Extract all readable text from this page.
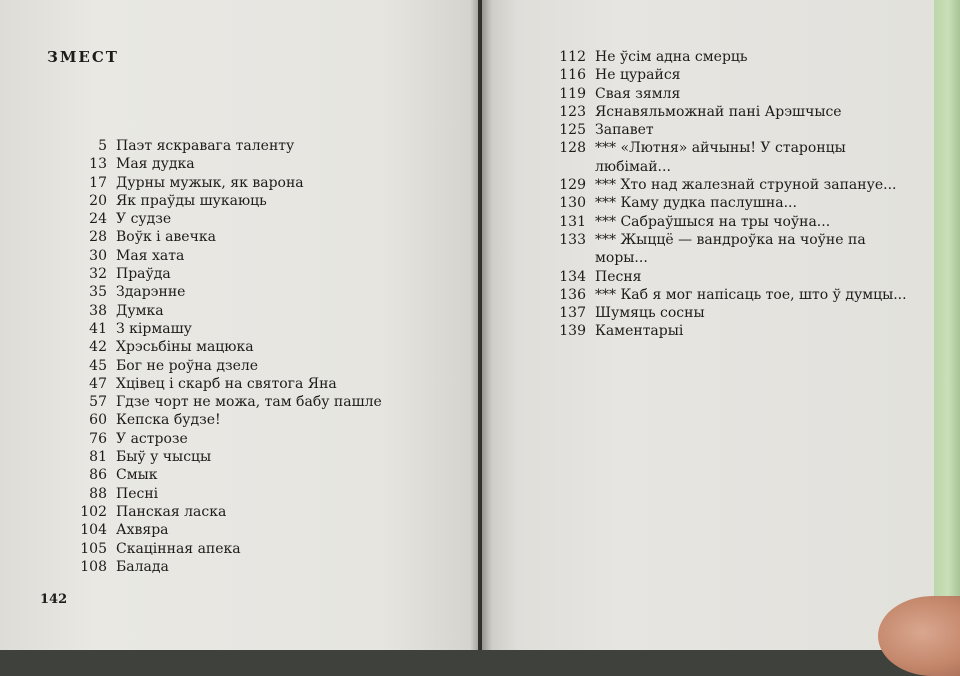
ЗМЕСТ
5 Паэт яскравага таленту
13 Мая дудка
17 Дурны мужык, як варона
20 Як праўды шукаюць
24 У судзе
28 Воўк і авечка
30 Мая хата
32 Праўда
35 Здарэнне
38 Думка
41 З кірмашу
42 Хрэсьбіны мацюка
45 Бог не роўна дзеле
47 Хцівец і скарб на святога Яна
57 Гдзе чорт не можа, там бабу пашле
60 Кепска будзе!
76 У астрозе
81 Быў у чысцы
86 Смык
88 Песні
102 Панская ласка
104 Ахвяра
105 Скацінная апека
108 Балада
142
112 Не ўсім адна смерць
116 Не цурайся
119 Свая зямля
123 Яснавяльможнай пані Арэшчысе
125 Запавет
128 *** «Лютня» айчыны! У старонцы любімай...
129 *** Хто над жалезнай струной запануе...
130 *** Каму дудка паслушна...
131 *** Сабраўшыся на тры чоўна...
133 *** Жыццё — вандроўка на чоўне па моры...
134 Песня
136 *** Каб я мог напісаць тое, што ў думцы...
137 Шумяць сосны
139 Каментарыі
